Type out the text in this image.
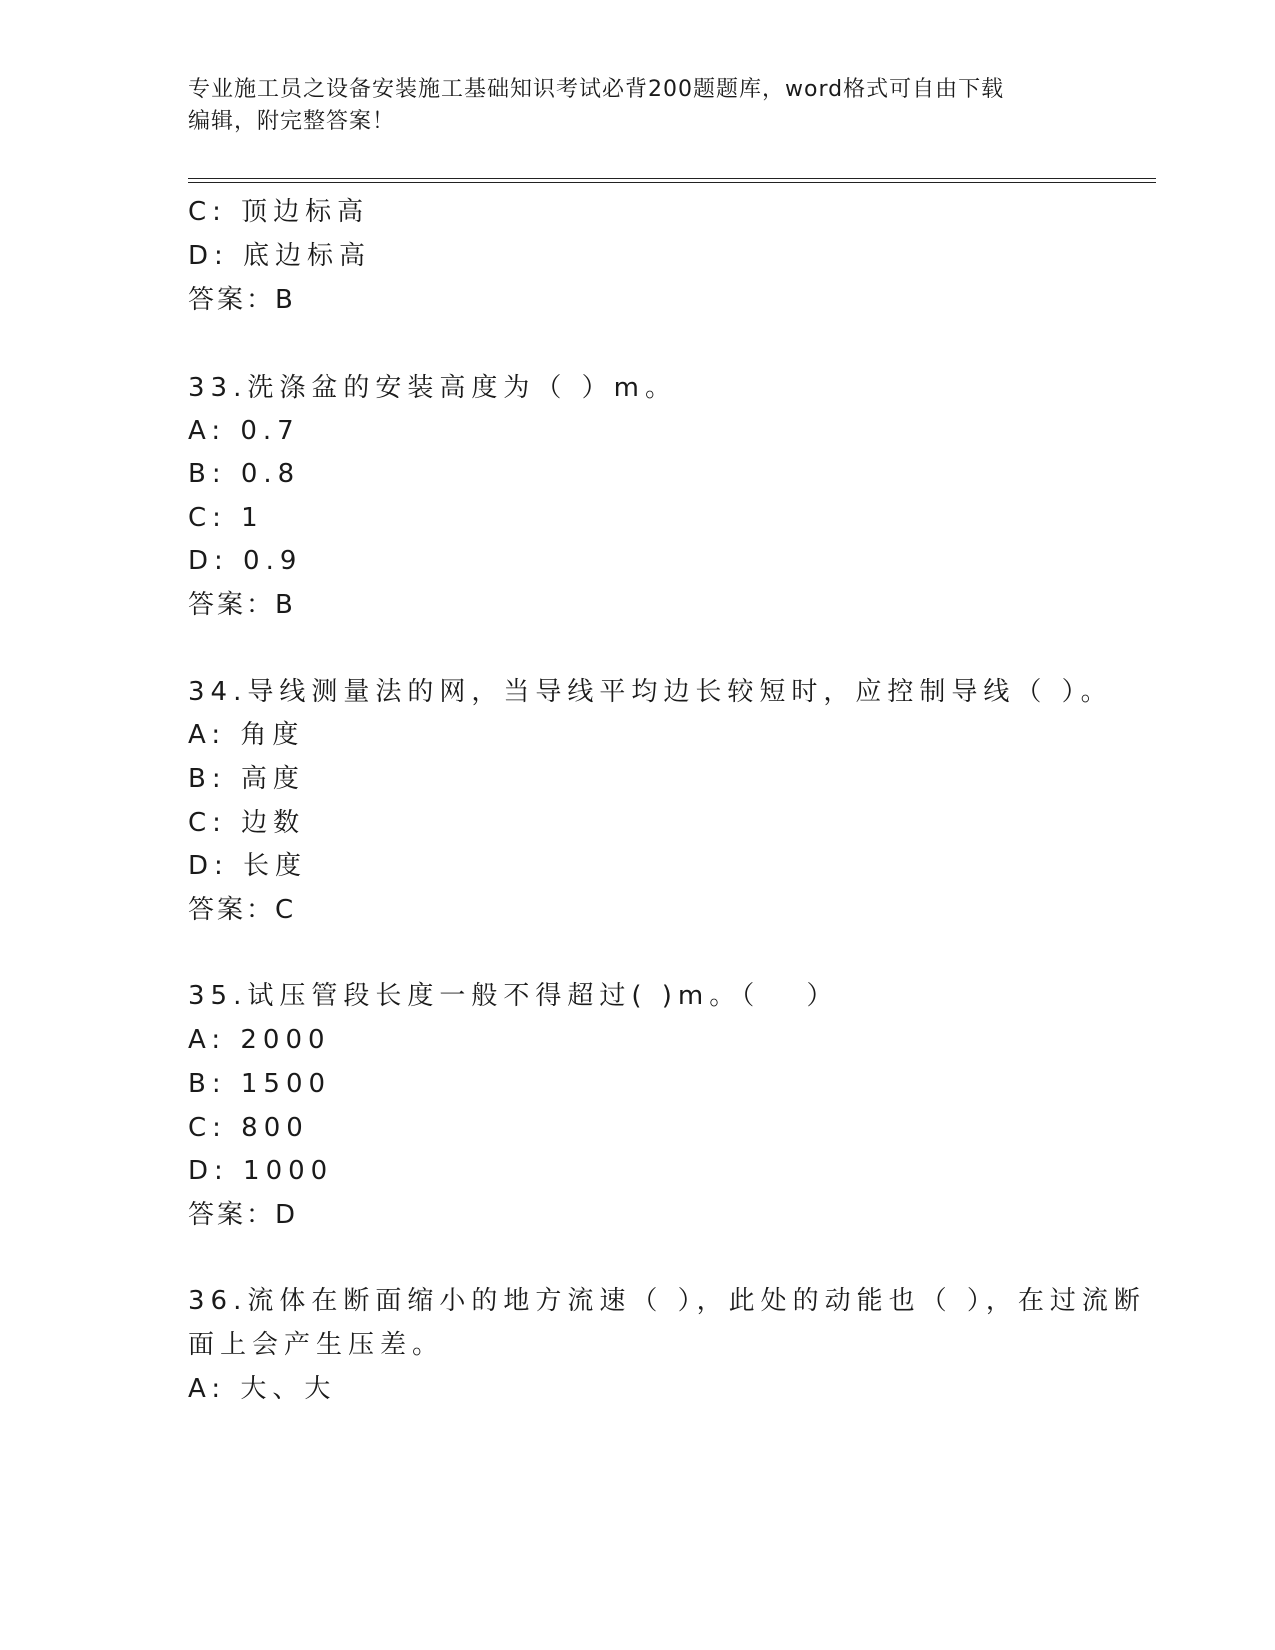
专业施工员之设备安装施工基础知识考试必背200题题库，word格式可自由下载
编辑，附完整答案！
C: 顶边标高
D: 底边标高
答案：B
33.洗涤盆的安装高度为（ ）m。
A: 0.7
B: 0.8
C: 1
D: 0.9
答案：B
34.导线测量法的网，当导线平均边长较短时，应控制导线（ ）。
A: 角度
B: 高度
C: 边数
D: 长度
答案：C
35.试压管段长度一般不得超过( )m。（　 ）
A: 2000
B: 1500
C: 800
D: 1000
答案：D
36.流体在断面缩小的地方流速（ ），此处的动能也（ ），在过流断
面上会产生压差。
A: 大、大
